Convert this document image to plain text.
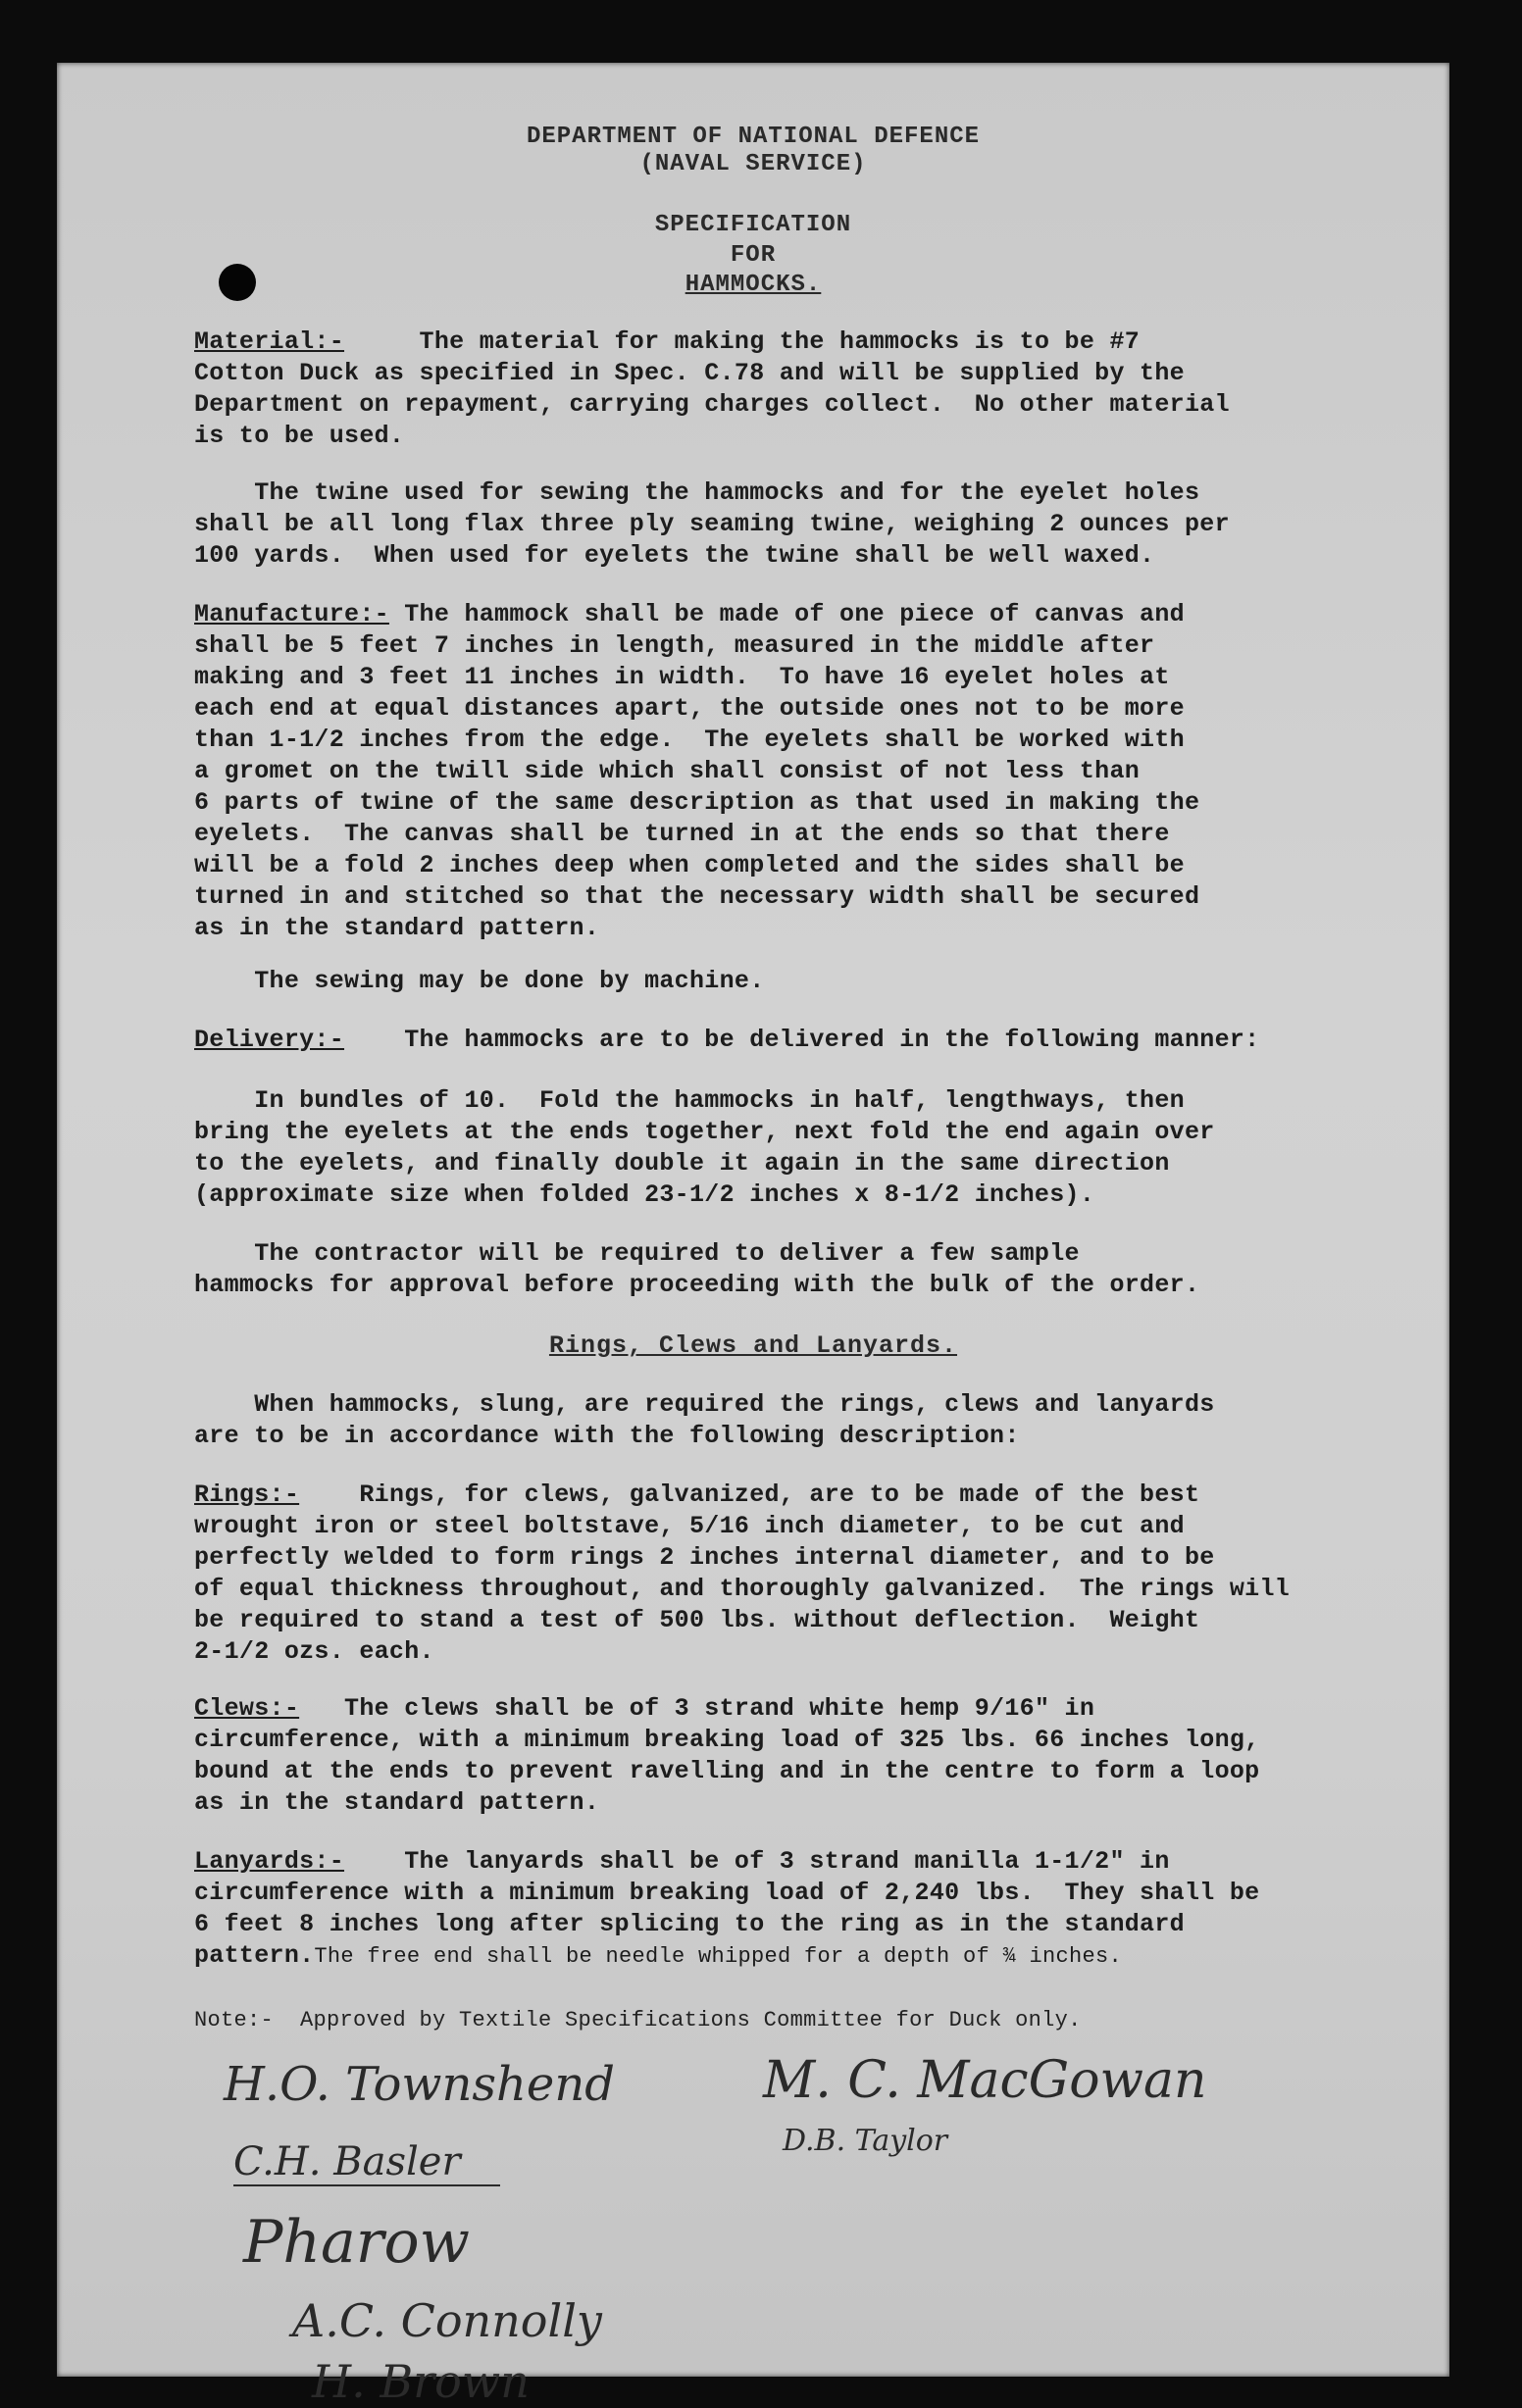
DEPARTMENT OF NATIONAL DEFENCE
(NAVAL SERVICE)
SPECIFICATION
FOR
HAMMOCKS.
Material:-     The material for making the hammocks is to be #7
Cotton Duck as specified in Spec. C.78 and will be supplied by the
Department on repayment, carrying charges collect.  No other material
is to be used.
The twine used for sewing the hammocks and for the eyelet holes
shall be all long flax three ply seaming twine, weighing 2 ounces per
100 yards.  When used for eyelets the twine shall be well waxed.
Manufacture:- The hammock shall be made of one piece of canvas and
shall be 5 feet 7 inches in length, measured in the middle after
making and 3 feet 11 inches in width.  To have 16 eyelet holes at
each end at equal distances apart, the outside ones not to be more
than 1-1/2 inches from the edge.  The eyelets shall be worked with
a gromet on the twill side which shall consist of not less than
6 parts of twine of the same description as that used in making the
eyelets.  The canvas shall be turned in at the ends so that there
will be a fold 2 inches deep when completed and the sides shall be
turned in and stitched so that the necessary width shall be secured
as in the standard pattern.
The sewing may be done by machine.
Delivery:-    The hammocks are to be delivered in the following manner:
In bundles of 10.  Fold the hammocks in half, lengthways, then
bring the eyelets at the ends together, next fold the end again over
to the eyelets, and finally double it again in the same direction
(approximate size when folded 23-1/2 inches x 8-1/2 inches).
The contractor will be required to deliver a few sample
hammocks for approval before proceeding with the bulk of the order.
Rings, Clews and Lanyards.
When hammocks, slung, are required the rings, clews and lanyards
are to be in accordance with the following description:
Rings:-    Rings, for clews, galvanized, are to be made of the best
wrought iron or steel boltstave, 5/16 inch diameter, to be cut and
perfectly welded to form rings 2 inches internal diameter, and to be
of equal thickness throughout, and thoroughly galvanized.  The rings will
be required to stand a test of 500 lbs. without deflection.  Weight
2-1/2 ozs. each.
Clews:-   The clews shall be of 3 strand white hemp 9/16" in
circumference, with a minimum breaking load of 325 lbs. 66 inches long,
bound at the ends to prevent ravelling and in the centre to form a loop
as in the standard pattern.
Lanyards:-    The lanyards shall be of 3 strand manilla 1-1/2" in
circumference with a minimum breaking load of 2,240 lbs.  They shall be
6 feet 8 inches long after splicing to the ring as in the standard
pattern.The free end shall be needle whipped for a depth of ¾ inches.
Note:-  Approved by Textile Specifications Committee for Duck only.
H.O. Townshend	M. C. MacGowan
D.B. Taylor
C.H. Basler
Pharow
A.C. Connolly
H. Brown
